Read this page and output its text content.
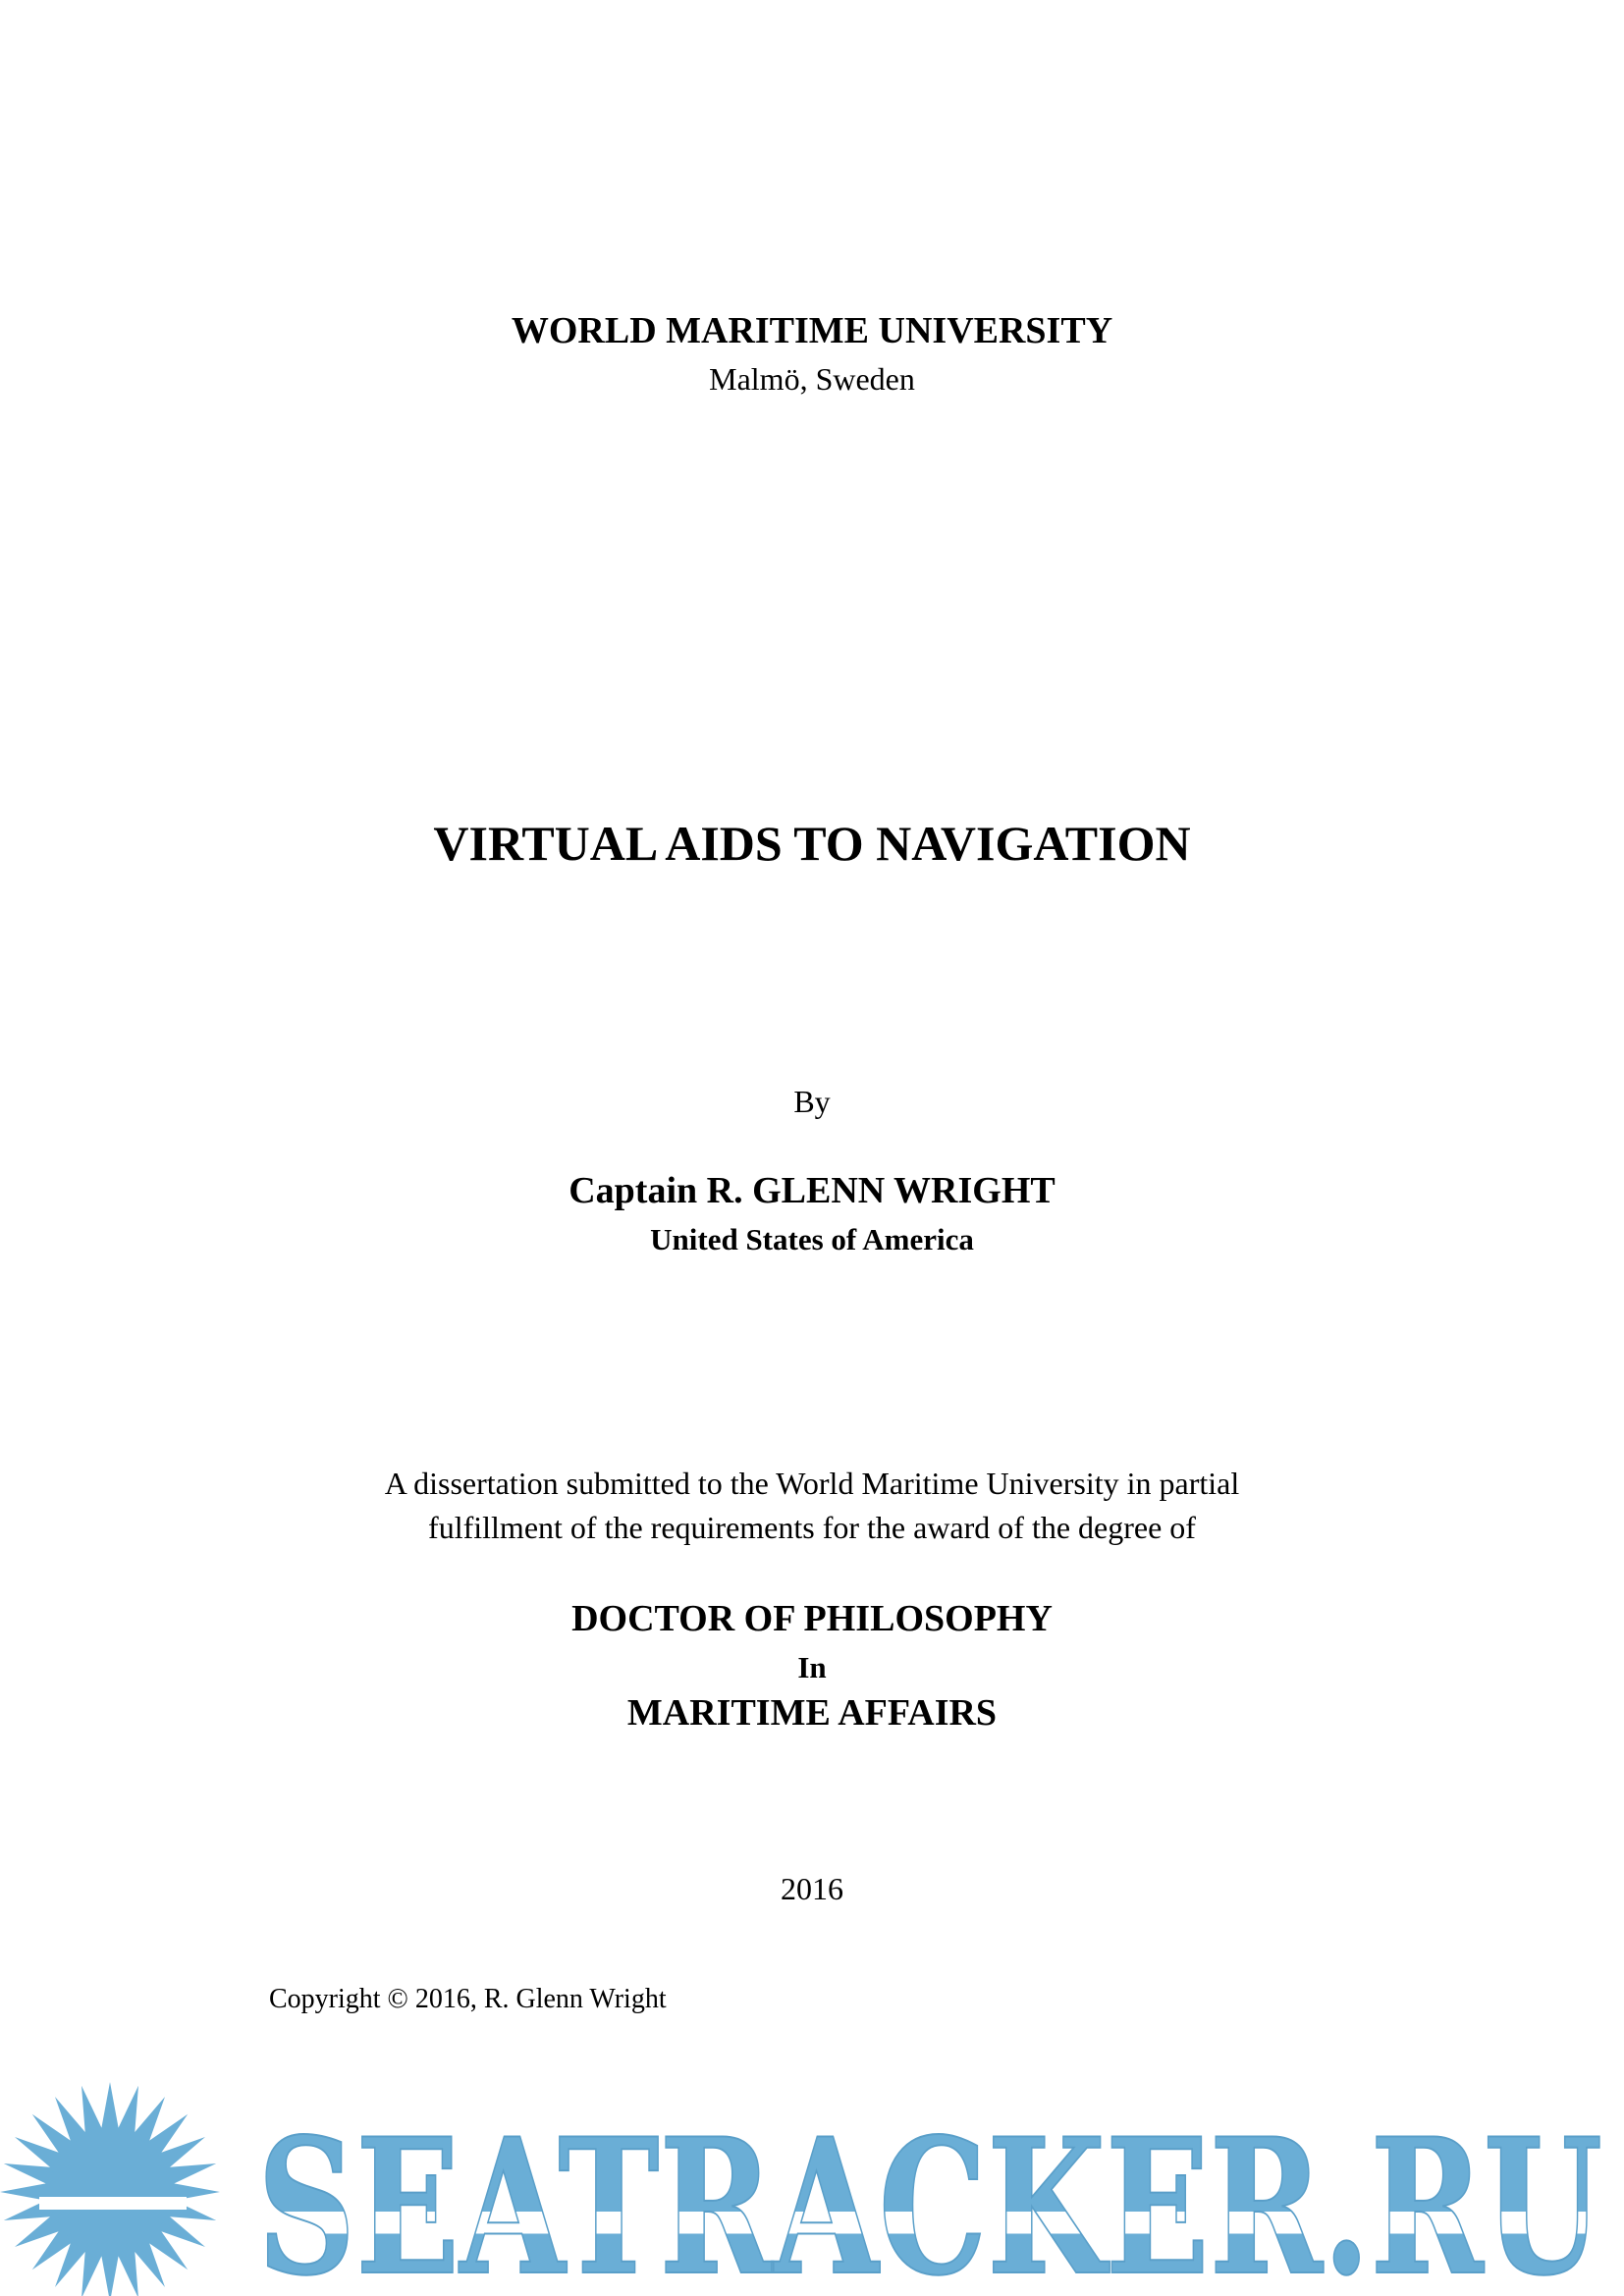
WORLD MARITIME UNIVERSITY

Malmö, Sweden

VIRTUAL AIDS TO NAVIGATION

By

Captain R. GLENN WRIGHT

United States of America

A dissertation submitted to the World Maritime University in partial

fulfillment of the requirements for the award of the degree of

DOCTOR OF PHILOSOPHY

In

MARITIME AFFAIRS

2016

Copyright © 2016, R. Glenn Wright

SEATRACKER.RU
